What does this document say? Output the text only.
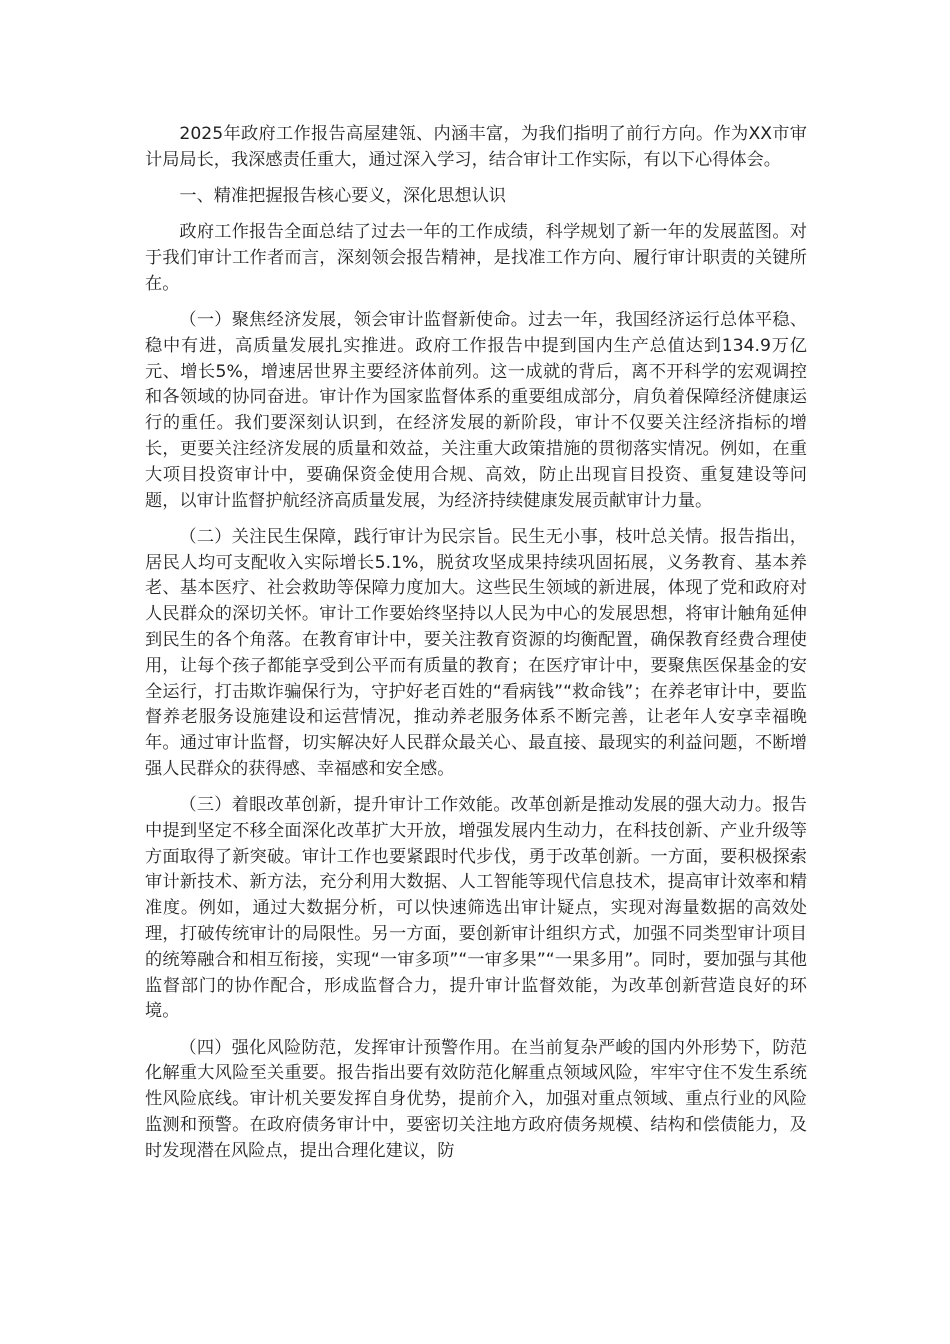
2025年政府工作报告高屋建瓴、内涵丰富，为我们指明了前行方向。作为XX市审计局局长，我深感责任重大，通过深入学习，结合审计工作实际，有以下心得体会。

一、精准把握报告核心要义，深化思想认识

政府工作报告全面总结了过去一年的工作成绩，科学规划了新一年的发展蓝图。对于我们审计工作者而言，深刻领会报告精神，是找准工作方向、履行审计职责的关键所在。

（一）聚焦经济发展，领会审计监督新使命。过去一年，我国经济运行总体平稳、稳中有进，高质量发展扎实推进。政府工作报告中提到国内生产总值达到134.9万亿元、增长5%，增速居世界主要经济体前列。这一成就的背后，离不开科学的宏观调控和各领域的协同奋进。审计作为国家监督体系的重要组成部分，肩负着保障经济健康运行的重任。我们要深刻认识到，在经济发展的新阶段，审计不仅要关注经济指标的增长，更要关注经济发展的质量和效益，关注重大政策措施的贯彻落实情况。例如，在重大项目投资审计中，要确保资金使用合规、高效，防止出现盲目投资、重复建设等问题，以审计监督护航经济高质量发展，为经济持续健康发展贡献审计力量。

（二）关注民生保障，践行审计为民宗旨。民生无小事，枝叶总关情。报告指出，居民人均可支配收入实际增长5.1%，脱贫攻坚成果持续巩固拓展，义务教育、基本养老、基本医疗、社会救助等保障力度加大。这些民生领域的新进展，体现了党和政府对人民群众的深切关怀。审计工作要始终坚持以人民为中心的发展思想，将审计触角延伸到民生的各个角落。在教育审计中，要关注教育资源的均衡配置，确保教育经费合理使用，让每个孩子都能享受到公平而有质量的教育；在医疗审计中，要聚焦医保基金的安全运行，打击欺诈骗保行为，守护好老百姓的“看病钱”“救命钱”；在养老审计中，要监督养老服务设施建设和运营情况，推动养老服务体系不断完善，让老年人安享幸福晚年。通过审计监督，切实解决好人民群众最关心、最直接、最现实的利益问题，不断增强人民群众的获得感、幸福感和安全感。

（三）着眼改革创新，提升审计工作效能。改革创新是推动发展的强大动力。报告中提到坚定不移全面深化改革扩大开放，增强发展内生动力，在科技创新、产业升级等方面取得了新突破。审计工作也要紧跟时代步伐，勇于改革创新。一方面，要积极探索审计新技术、新方法，充分利用大数据、人工智能等现代信息技术，提高审计效率和精准度。例如，通过大数据分析，可以快速筛选出审计疑点，实现对海量数据的高效处理，打破传统审计的局限性。另一方面，要创新审计组织方式，加强不同类型审计项目的统筹融合和相互衔接，实现“一审多项”“一审多果”“一果多用”。同时，要加强与其他监督部门的协作配合，形成监督合力，提升审计监督效能，为改革创新营造良好的环境。

（四）强化风险防范，发挥审计预警作用。在当前复杂严峻的国内外形势下，防范化解重大风险至关重要。报告指出要有效防范化解重点领域风险，牢牢守住不发生系统性风险底线。审计机关要发挥自身优势，提前介入，加强对重点领域、重点行业的风险监测和预警。在政府债务审计中，要密切关注地方政府债务规模、结构和偿债能力，及时发现潜在风险点，提出合理化建议，防
